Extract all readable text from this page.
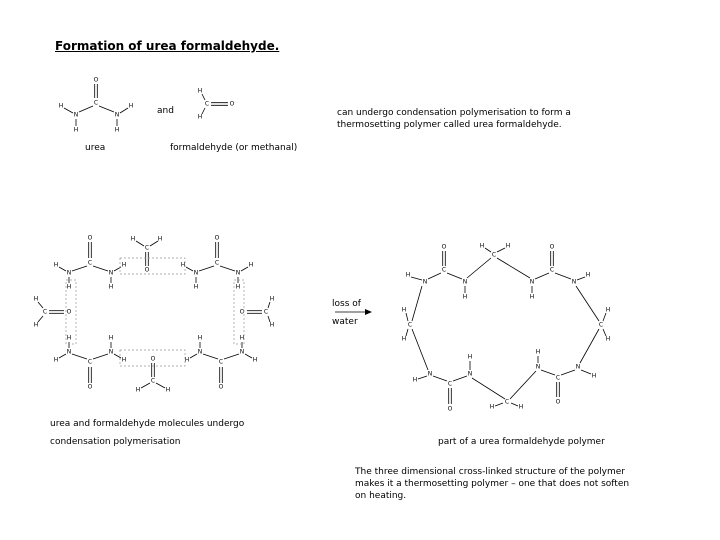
Formation of urea formaldehyde.
and
urea	formaldehyde (or methanal)
can undergo condensation polymerisation to form a
thermosetting polymer called urea formaldehyde.
loss of
water
urea and formaldehyde molecules undergo
condensation polymerisation	part of a urea formaldehyde polymer
The three dimensional cross-linked structure of the polymer
makes it a thermosetting polymer – one that does not soften
on heating.
O
C
N	N
H
H
H
H
H
C	O
H
O
C
N	N
H	H
H	H
O
C
N	N
H	H
H	H
O
C
N	N
H	H
H	H
O
C
N	N
H	H
H	H
H
C
H
O
O
C
H	H
H
C
H
O	O	C
H
H
H
C
H
O
C
N	N
H
H
O
C
N	N
H
H
H
C
H
H
C
H
H
N
C
N
O
H
H
N
C
N
H
O
H
C
H
